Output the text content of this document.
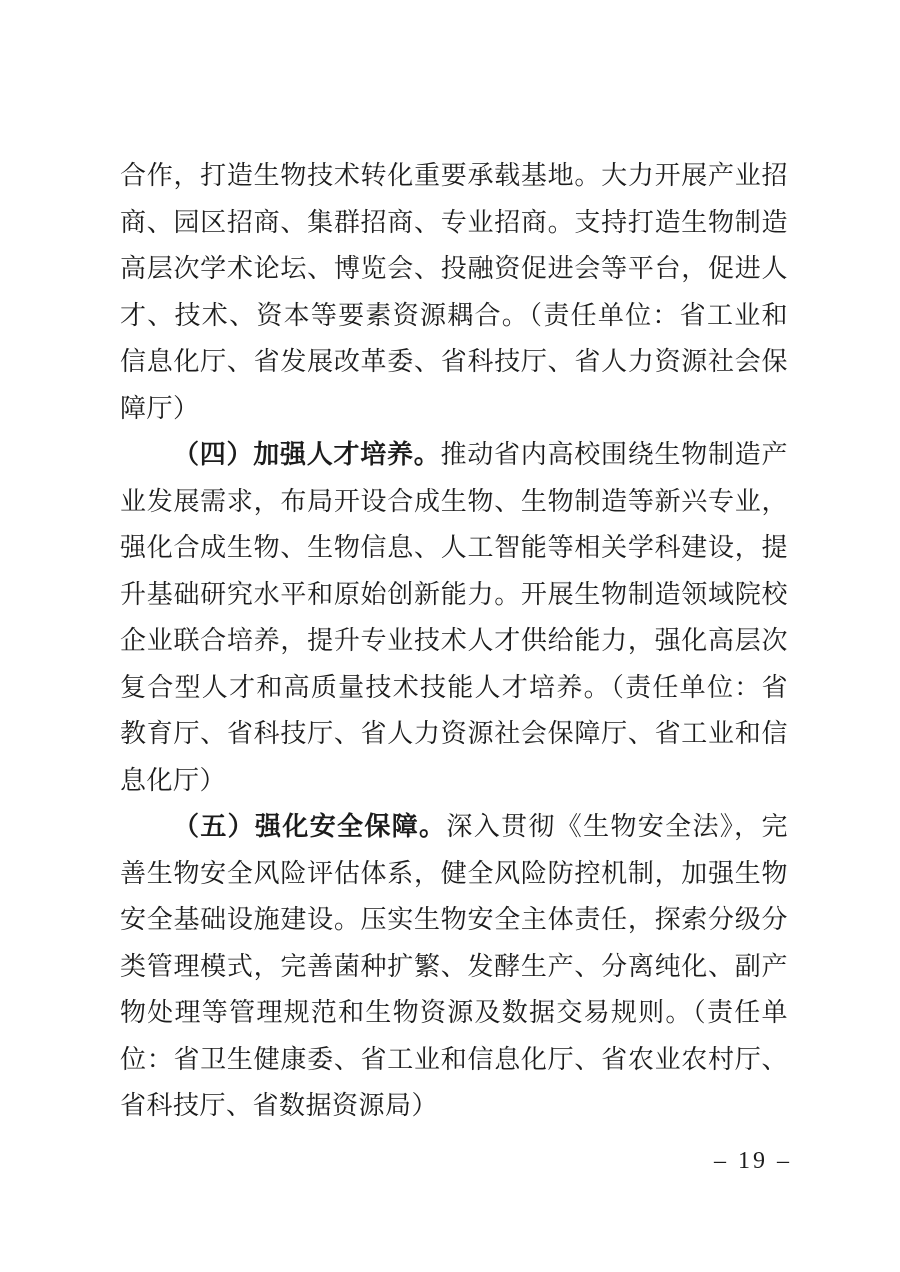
合作，打造生物技术转化重要承载基地。大力开展产业招
商、园区招商、集群招商、专业招商。支持打造生物制造
高层次学术论坛、博览会、投融资促进会等平台，促进人
才、技术、资本等要素资源耦合。（责任单位：省工业和
信息化厅、省发展改革委、省科技厅、省人力资源社会保
障厅）
（四）加强人才培养。推动省内高校围绕生物制造产
业发展需求，布局开设合成生物、生物制造等新兴专业，
强化合成生物、生物信息、人工智能等相关学科建设，提
升基础研究水平和原始创新能力。开展生物制造领域院校
企业联合培养，提升专业技术人才供给能力，强化高层次
复合型人才和高质量技术技能人才培养。（责任单位：省
教育厅、省科技厅、省人力资源社会保障厅、省工业和信
息化厅）
（五）强化安全保障。深入贯彻《生物安全法》，完
善生物安全风险评估体系，健全风险防控机制，加强生物
安全基础设施建设。压实生物安全主体责任，探索分级分
类管理模式，完善菌种扩繁、发酵生产、分离纯化、副产
物处理等管理规范和生物资源及数据交易规则。（责任单
位：省卫生健康委、省工业和信息化厅、省农业农村厅、
省科技厅、省数据资源局）
– 19 –
